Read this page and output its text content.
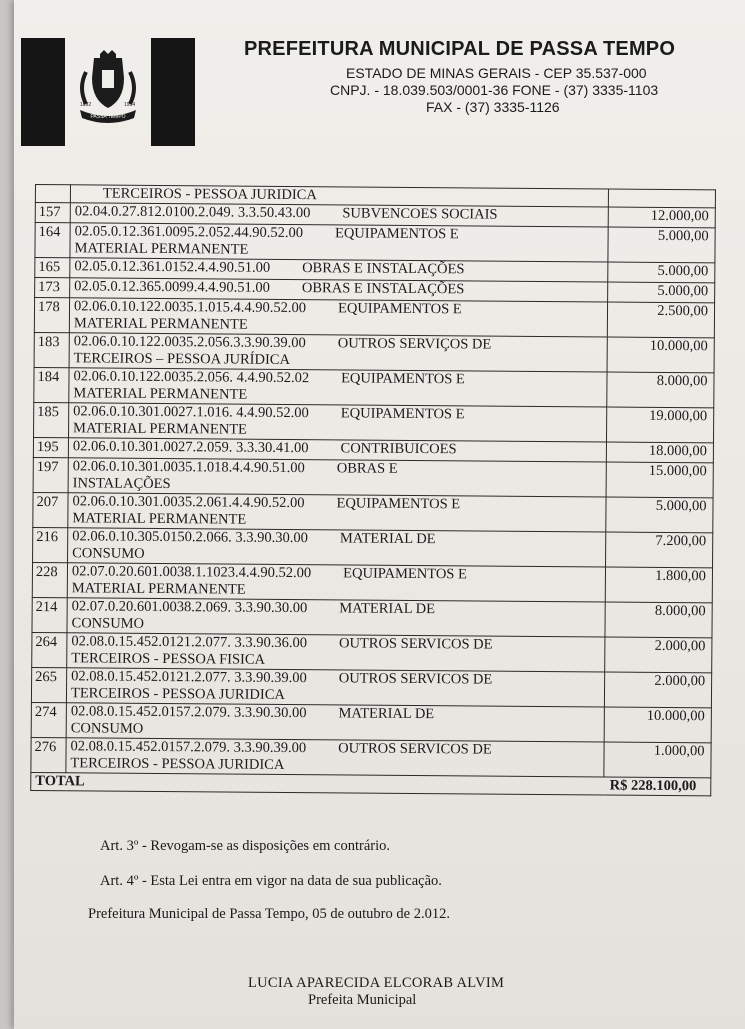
PASSA TEMPO
1892	1934
PREFEITURA MUNICIPAL DE PASSA TEMPO
ESTADO DE MINAS GERAIS - CEP 35.537-000
CNPJ. - 18.039.503/0001-36 FONE - (37) 3335-1103
FAX - (37) 3335-1126
	TERCEIROS - PESSOA JURIDICA	
157	02.04.0.27.812.0100.2.049. 3.3.50.43.00 SUBVENCOES SOCIAIS	12.000,00
164	02.05.0.12.361.0095.2.052.44.90.52.00 EQUIPAMENTOS E
MATERIAL PERMANENTE	5.000,00
165	02.05.0.12.361.0152.4.4.90.51.00 OBRAS E INSTALAÇÕES	5.000,00
173	02.05.0.12.365.0099.4.4.90.51.00 OBRAS E INSTALAÇÕES	5.000,00
178	02.06.0.10.122.0035.1.015.4.4.90.52.00 EQUIPAMENTOS E
MATERIAL PERMANENTE	2.500,00
183	02.06.0.10.122.0035.2.056.3.3.90.39.00 OUTROS SERVIÇOS DE
TERCEIROS – PESSOA JURÍDICA	10.000,00
184	02.06.0.10.122.0035.2.056. 4.4.90.52.02 EQUIPAMENTOS E
MATERIAL PERMANENTE	8.000,00
185	02.06.0.10.301.0027.1.016. 4.4.90.52.00 EQUIPAMENTOS E
MATERIAL PERMANENTE	19.000,00
195	02.06.0.10.301.0027.2.059. 3.3.30.41.00 CONTRIBUICOES	18.000,00
197	02.06.0.10.301.0035.1.018.4.4.90.51.00 OBRAS E
INSTALAÇÕES	15.000,00
207	02.06.0.10.301.0035.2.061.4.4.90.52.00 EQUIPAMENTOS E
MATERIAL PERMANENTE	5.000,00
216	02.06.0.10.305.0150.2.066. 3.3.90.30.00 MATERIAL DE
CONSUMO	7.200,00
228	02.07.0.20.601.0038.1.1023.4.4.90.52.00 EQUIPAMENTOS E
MATERIAL PERMANENTE	1.800,00
214	02.07.0.20.601.0038.2.069. 3.3.90.30.00 MATERIAL DE
CONSUMO	8.000,00
264	02.08.0.15.452.0121.2.077. 3.3.90.36.00 OUTROS SERVICOS DE
TERCEIROS - PESSOA FISICA	2.000,00
265	02.08.0.15.452.0121.2.077. 3.3.90.39.00 OUTROS SERVICOS DE
TERCEIROS - PESSOA JURIDICA	2.000,00
274	02.08.0.15.452.0157.2.079. 3.3.90.30.00 MATERIAL DE
CONSUMO	10.000,00
276	02.08.0.15.452.0157.2.079. 3.3.90.39.00 OUTROS SERVICOS DE
TERCEIROS - PESSOA JURIDICA	1.000,00

TOTAL R$ 228.100,00		
Art. 3º - Revogam-se as disposições em contrário.
Art. 4º - Esta Lei entra em vigor na data de sua publicação.
Prefeitura Municipal de Passa Tempo, 05 de outubro de 2.012.
LUCIA APARECIDA ELCORAB ALVIM
Prefeita Municipal
